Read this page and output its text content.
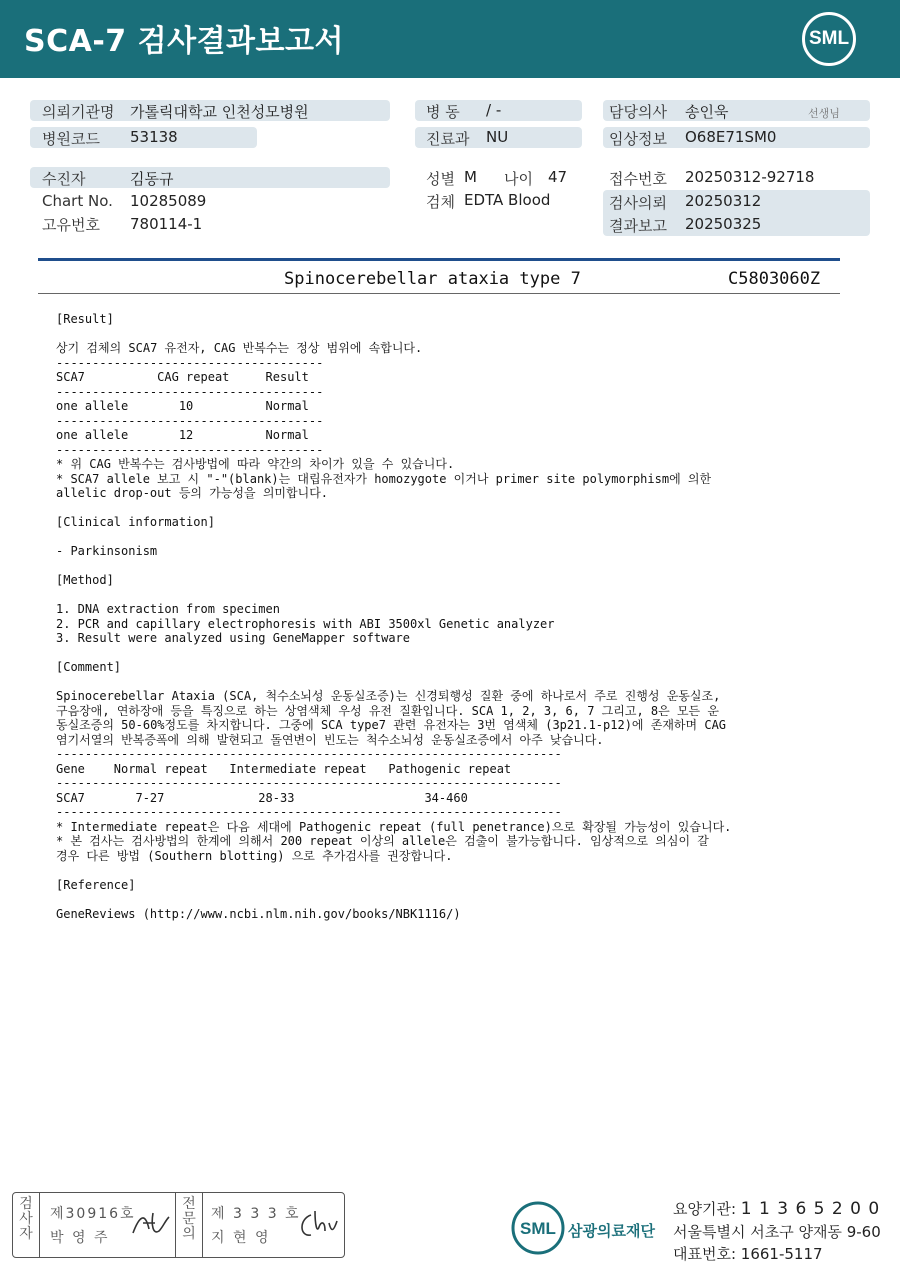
SCA-7 검사결과보고서	SML
의뢰기관명 가톨릭대학교 인천성모병원	병 동 / -	담당의사 송인욱	선생님
병원코드 53138	진료과 NU	임상정보 O68E71SM0
수진자	김동규	성별 M 나이 47	접수번호 20250312-92718
Chart No. 10285089	검체 EDTA Blood	검사의뢰 20250312
고유번호 780114-1	결과보고 20250325
Spinocerebellar ataxia type 7	C5803060Z
[Result]

상기 검체의 SCA7 유전자, CAG 반복수는 정상 범위에 속합니다.
-------------------------------------
SCA7          CAG repeat     Result
-------------------------------------
one allele       10          Normal
-------------------------------------
one allele       12          Normal
-------------------------------------
* 위 CAG 반복수는 검사방법에 따라 약간의 차이가 있을 수 있습니다.
* SCA7 allele 보고 시 "-"(blank)는 대립유전자가 homozygote 이거나 primer site polymorphism에 의한
allelic drop-out 등의 가능성을 의미합니다.

[Clinical information]

- Parkinsonism

[Method]

1. DNA extraction from specimen
2. PCR and capillary electrophoresis with ABI 3500xl Genetic analyzer
3. Result were analyzed using GeneMapper software

[Comment]

Spinocerebellar Ataxia (SCA, 척수소뇌성 운동실조증)는 신경퇴행성 질환 중에 하나로서 주로 진행성 운동실조,
구음장애, 연하장애 등을 특징으로 하는 상염색체 우성 유전 질환입니다. SCA 1, 2, 3, 6, 7 그리고, 8은 모든 운
동실조증의 50-60%정도를 차지합니다. 그중에 SCA type7 관련 유전자는 3번 염색체 (3p21.1-p12)에 존재하며 CAG
염기서열의 반복증폭에 의해 발현되고 돌연변이 빈도는 척수소뇌성 운동실조증에서 아주 낮습니다.
----------------------------------------------------------------------
Gene    Normal repeat   Intermediate repeat   Pathogenic repeat
----------------------------------------------------------------------
SCA7       7-27             28-33                  34-460
----------------------------------------------------------------------
* Intermediate repeat은 다음 세대에 Pathogenic repeat (full penetrance)으로 확장될 가능성이 있습니다.
* 본 검사는 검사방법의 한계에 의해서 200 repeat 이상의 allele은 검출이 불가능합니다. 임상적으로 의심이 갈
경우 다른 방법 (Southern blotting) 으로 추가검사를 권장합니다.

[Reference]

GeneReviews (http://www.ncbi.nlm.nih.gov/books/NBK1116/)
검
사
자
제30916호
박 영 주
전
문
의
제 3 3 3 호
지 현 영	SML 삼광의료재단
요양기관: 1 1 3 6 5 2 0 0
서울특별시 서초구 양재동 9-60
대표번호: 1661-5117
